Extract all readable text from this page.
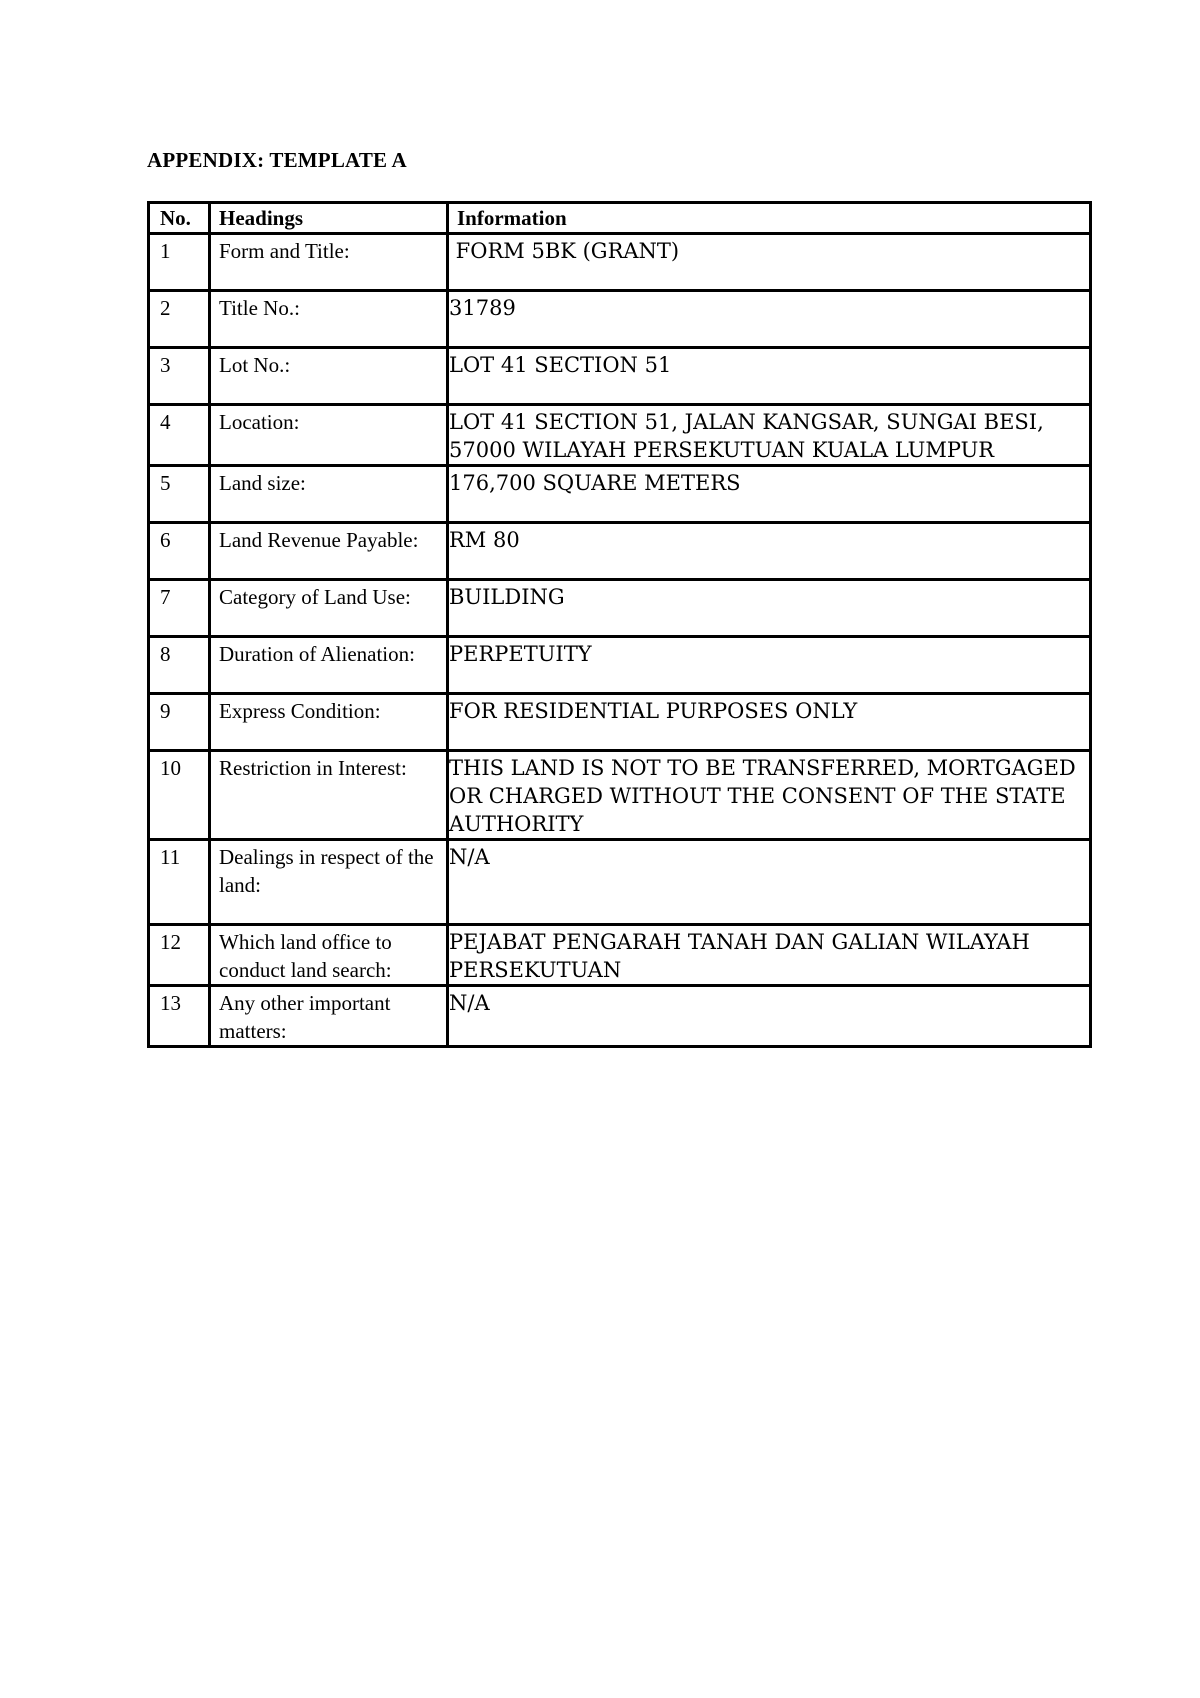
APPENDIX: TEMPLATE A
No.	Headings	Information
1	Form and Title:	FORM 5BK (GRANT)
2	Title No.:	31789
3	Lot No.:	LOT 41 SECTION 51
4	Location:	LOT 41 SECTION 51, JALAN KANGSAR, SUNGAI BESI, 57000 WILAYAH PERSEKUTUAN KUALA LUMPUR
5	Land size:	176,700 SQUARE METERS
6	Land Revenue Payable:	RM 80
7	Category of Land Use:	BUILDING
8	Duration of Alienation:	PERPETUITY
9	Express Condition:	FOR RESIDENTIAL PURPOSES ONLY
10	Restriction in Interest:	THIS LAND IS NOT TO BE TRANSFERRED, MORTGAGED OR CHARGED WITHOUT THE CONSENT OF THE STATE AUTHORITY
11	Dealings in respect of the land:	N/A
12	Which land office to conduct land search:	PEJABAT PENGARAH TANAH DAN GALIAN WILAYAH PERSEKUTUAN
13	Any other important matters:	N/A
